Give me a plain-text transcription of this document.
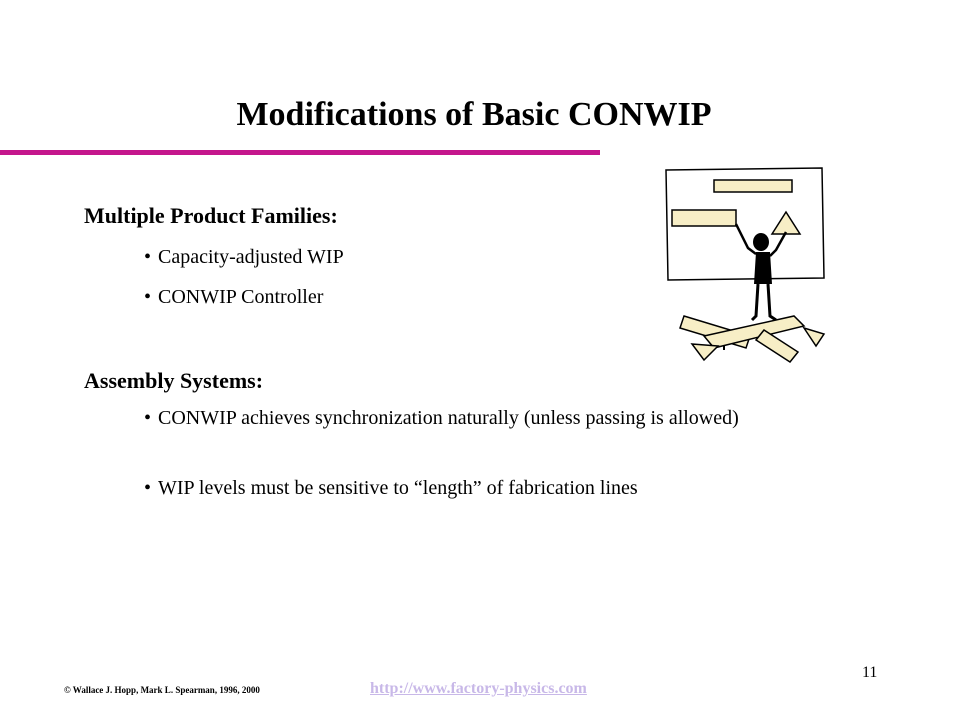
Modifications of Basic CONWIP
Multiple Product Families:
• Capacity-adjusted WIP
• CONWIP Controller
Assembly Systems:
• CONWIP achieves synchronization naturally (unless passing is allowed)
• WIP levels must be sensitive to “length” of fabrication lines
© Wallace J. Hopp, Mark L. Spearman, 1996, 2000	http://www.factory-physics.com
11
